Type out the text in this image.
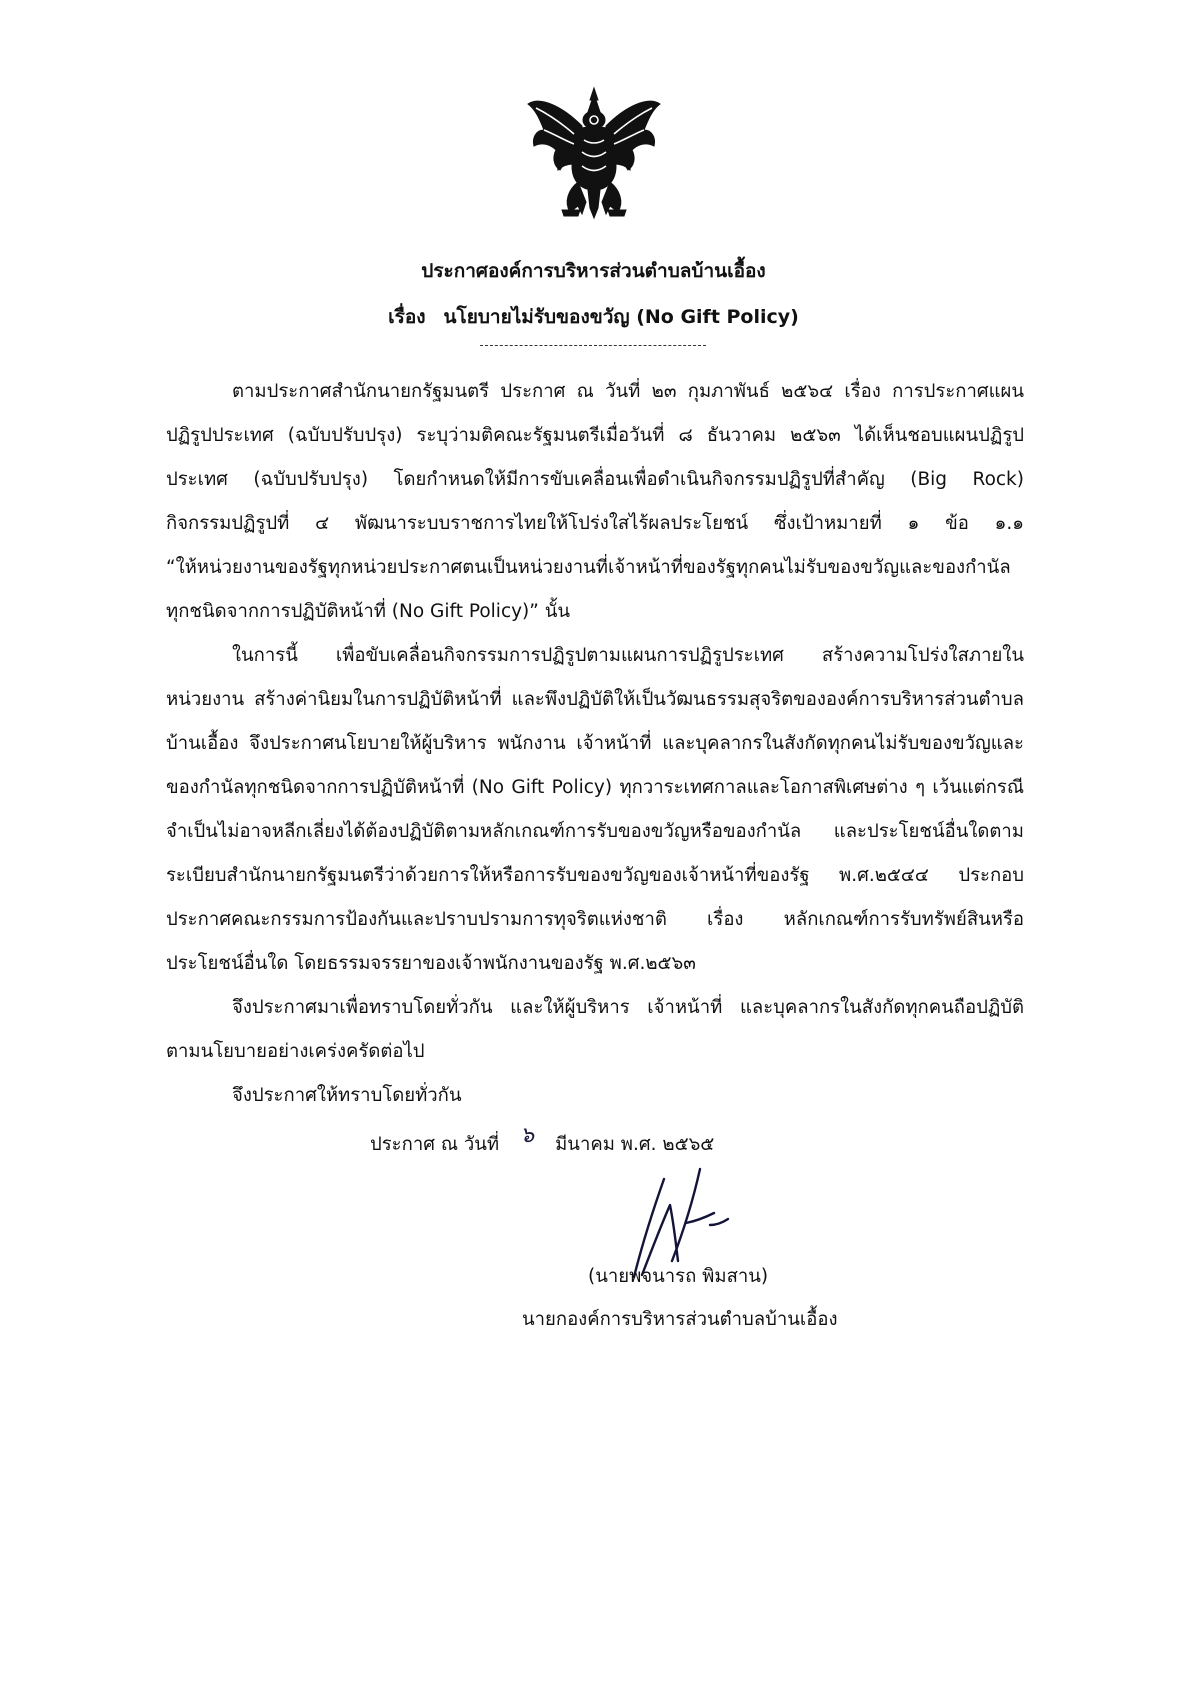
ประกาศองค์การบริหารส่วนตำบลบ้านเอื้อง
เรื่อง นโยบายไม่รับของขวัญ (No Gift Policy)
ตามประกาศสำนักนายกรัฐมนตรี ประกาศ ณ วันที่ ๒๓ กุมภาพันธ์ ๒๕๖๔ เรื่อง การประกาศแผน
ปฏิรูปประเทศ (ฉบับปรับปรุง) ระบุว่ามติคณะรัฐมนตรีเมื่อวันที่ ๘ ธันวาคม ๒๕๖๓ ได้เห็นชอบแผนปฏิรูป
ประเทศ (ฉบับปรับปรุง) โดยกำหนดให้มีการขับเคลื่อนเพื่อดำเนินกิจกรรมปฏิรูปที่สำคัญ (Big Rock)
กิจกรรมปฏิรูปที่ ๔ พัฒนาระบบราชการไทยให้โปร่งใสไร้ผลประโยชน์ ซึ่งเป้าหมายที่ ๑ ข้อ ๑.๑
“ให้หน่วยงานของรัฐทุกหน่วยประกาศตนเป็นหน่วยงานที่เจ้าหน้าที่ของรัฐทุกคนไม่รับของขวัญและของกำนัล
ทุกชนิดจากการปฏิบัติหน้าที่ (No Gift Policy)” นั้น
ในการนี้ เพื่อขับเคลื่อนกิจกรรมการปฏิรูปตามแผนการปฏิรูประเทศ สร้างความโปร่งใสภายใน
หน่วยงาน สร้างค่านิยมในการปฏิบัติหน้าที่ และพึงปฏิบัติให้เป็นวัฒนธรรมสุจริตขององค์การบริหารส่วนตำบล
บ้านเอื้อง จึงประกาศนโยบายให้ผู้บริหาร พนักงาน เจ้าหน้าที่ และบุคลากรในสังกัดทุกคนไม่รับของขวัญและ
ของกำนัลทุกชนิดจากการปฏิบัติหน้าที่ (No Gift Policy) ทุกวาระเทศกาลและโอกาสพิเศษต่าง ๆ เว้นแต่กรณี
จำเป็นไม่อาจหลีกเลี่ยงได้ต้องปฏิบัติตามหลักเกณฑ์การรับของขวัญหรือของกำนัล และประโยชน์อื่นใดตาม
ระเบียบสำนักนายกรัฐมนตรีว่าด้วยการให้หรือการรับของขวัญของเจ้าหน้าที่ของรัฐ พ.ศ.๒๕๔๔ ประกอบ
ประกาศคณะกรรมการป้องกันและปราบปรามการทุจริตแห่งชาติ เรื่อง หลักเกณฑ์การรับทรัพย์สินหรือ
ประโยชน์อื่นใด โดยธรรมจรรยาของเจ้าพนักงานของรัฐ พ.ศ.๒๕๖๓
จึงประกาศมาเพื่อทราบโดยทั่วกัน และให้ผู้บริหาร เจ้าหน้าที่ และบุคลากรในสังกัดทุกคนถือปฏิบัติ
ตามนโยบายอย่างเคร่งครัดต่อไป
จึงประกาศให้ทราบโดยทั่วกัน
ประกาศ ณ วันที่ ๖ มีนาคม พ.ศ. ๒๕๖๕
(นายพจนารถ พิมสาน)
นายกองค์การบริหารส่วนตำบลบ้านเอื้อง
